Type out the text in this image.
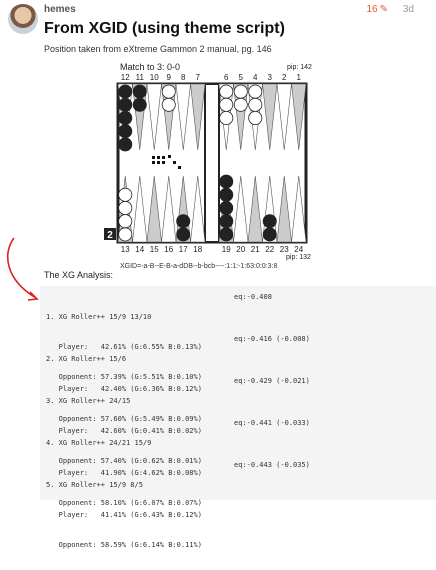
hemes	16 ✎ 3d
From XGID (using theme script)
Position taken from eXtreme Gammon 2 manual, pg. 146
Match to 3: 0-0	pip: 142
12
13
11
14
10
15
9
16
8
17
7
18
6
19
5
20
4
21
3
22
2
23
1
24
2
pip: 132
XGID=-a-B--E-B-a-dDB--b-bcb----:1:1:-1:63:0:0:3:8
The XG Analysis:

1. XG Roller++ 15/9 13/10
eq:-0.408

Player:   42.61% (G:6.55% B:0.13%)

Opponent: 57.39% (G:5.51% B:0.10%)

2. XG Roller++ 15/6
eq:-0.416 (-0.008)

Player:   42.40% (G:6.36% B:0.12%)

Opponent: 57.60% (G:5.49% B:0.09%)

3. XG Roller++ 24/15
eq:-0.429 (-0.021)

Player:   42.60% (G:0.41% B:0.02%)

Opponent: 57.40% (G:0.62% B:0.01%)

4. XG Roller++ 24/21 15/9
eq:-0.441 (-0.033)

Player:   41.90% (G:4.62% B:0.08%)

Opponent: 58.10% (G:6.07% B:0.07%)

5. XG Roller++ 15/9 8/5
eq:-0.443 (-0.035)

Player:   41.41% (G:6.43% B:0.12%)

Opponent: 58.59% (G:6.14% B:0.11%)
